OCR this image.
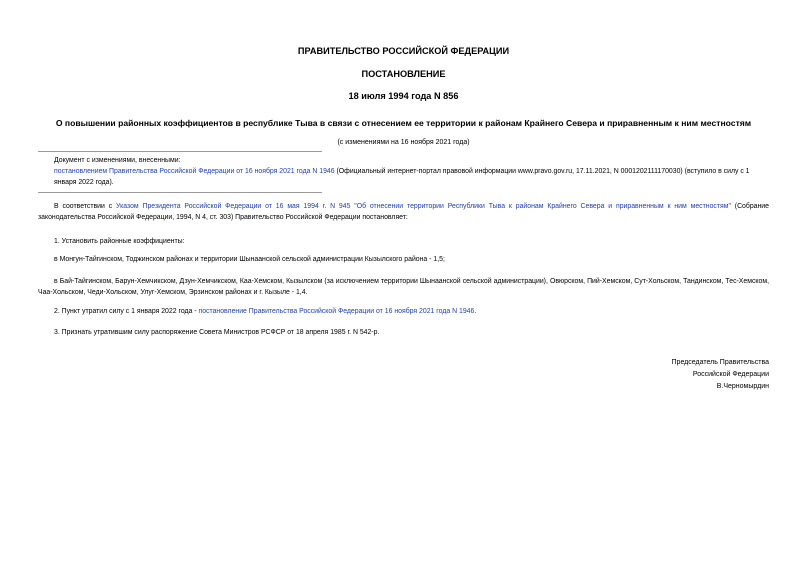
ПРАВИТЕЛЬСТВО РОССИЙСКОЙ ФЕДЕРАЦИИ
ПОСТАНОВЛЕНИЕ
18 июля 1994 года N 856
О повышении районных коэффициентов в республике Тыва в связи с отнесением ее территории к районам Крайнего Севера и приравненным к ним местностям
(с изменениями на 16 ноября 2021 года)
Документ с изменениями, внесенными:
постановлением Правительства Российской Федерации от 16 ноября 2021 года N 1946 (Официальный интернет-портал правовой информации www.pravo.gov.ru, 17.11.2021, N 0001202111170030) (вступило в силу с 1 января 2022 года).
В соответствии с Указом Президента Российской Федерации от 16 мая 1994 г. N 945 "Об отнесении территории Республики Тыва к районам Крайнего Севера и приравненным к ним местностям" (Собрание законодательства Российской Федерации, 1994, N 4, ст. 303) Правительство Российской Федерации постановляет:
1. Установить районные коэффициенты:
в Монгун-Тайгинском, Тоджинском районах и территории Шынаанской сельской администрации Кызылского района - 1,5;
в Бай-Тайгинском, Барун-Хемчикском, Дзун-Хемчикском, Каа-Хемском, Кызылском (за исключением территории Шынаанской сельской администрации), Овюрском, Пий-Хемском, Сут-Хольском, Тандинском, Тес-Хемском, Чаа-Хольском, Чеди-Хольском, Улуг-Хемском, Эрзинском районах и г. Кызыле - 1,4.
2. Пункт утратил силу с 1 января 2022 года - постановление Правительства Российской Федерации от 16 ноября 2021 года N 1946.
3. Признать утратившим силу распоряжение Совета Министров РСФСР от 18 апреля 1985 г. N 542-р.
Председатель Правительства
Российской Федерации
В.Черномырдин
